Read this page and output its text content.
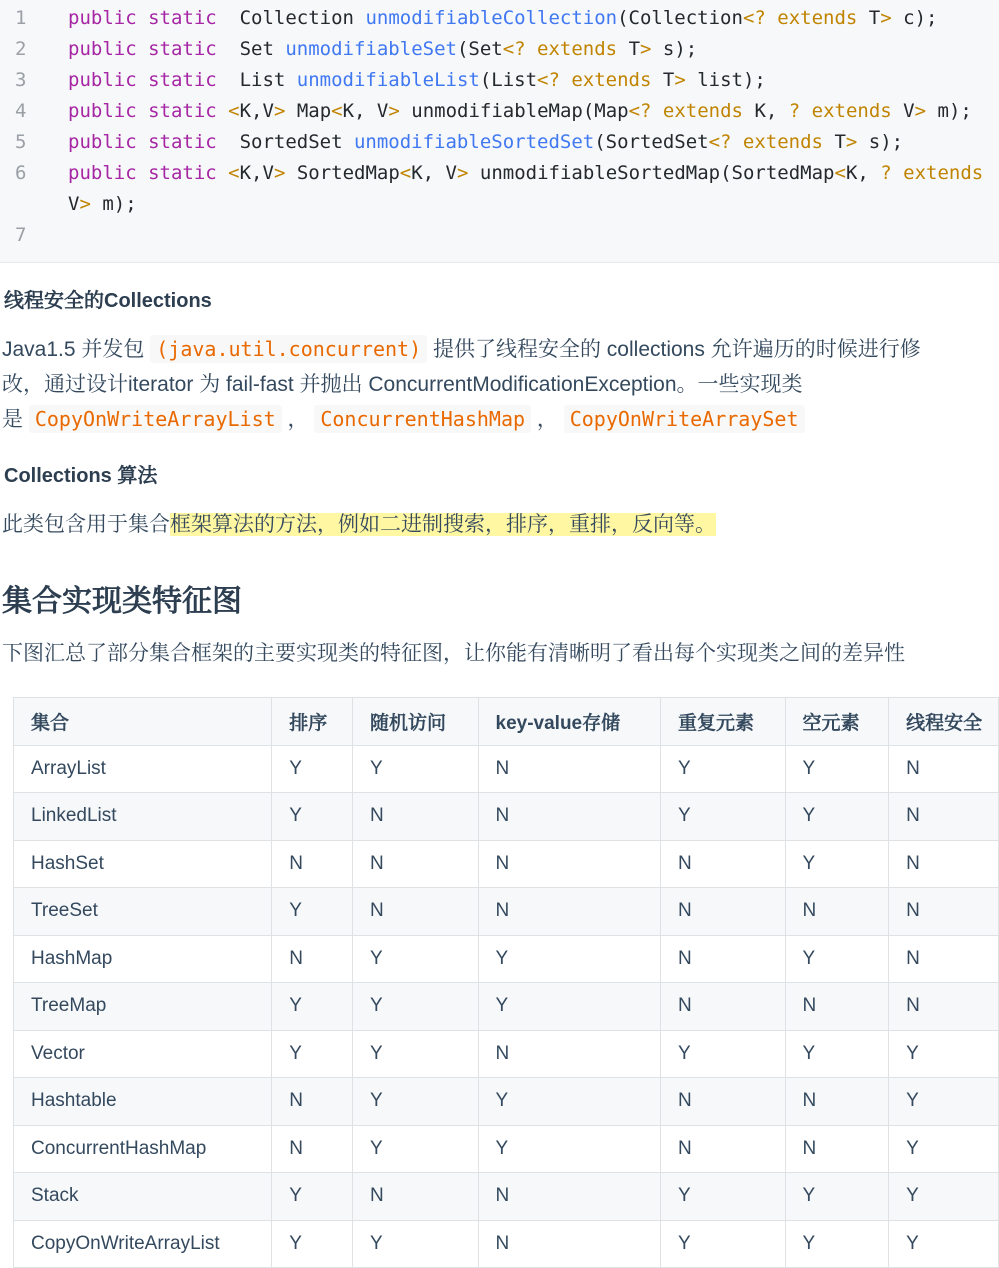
1	public static  Collection unmodifiableCollection(Collection<? extends T> c);
2	public static  Set unmodifiableSet(Set<? extends T> s);
3	public static  List unmodifiableList(List<? extends T> list);
4	public static <K,V> Map<K, V> unmodifiableMap(Map<? extends K, ? extends V> m);
5	public static  SortedSet unmodifiableSortedSet(SortedSet<? extends T> s);
6	public static <K,V> SortedMap<K, V> unmodifiableSortedMap(SortedMap<K, ? extends
V> m);
7
线程安全的Collections
Java1.5 并发包 (java.util.concurrent) 提供了线程安全的 collections 允许遍历的时候进行修
改，通过设计iterator 为 fail-fast 并抛出 ConcurrentModificationException。一些实现类
是 CopyOnWriteArrayList ， ConcurrentHashMap ， CopyOnWriteArraySet
Collections 算法
此类包含用于集合框架算法的方法，例如二进制搜索，排序，重排，反向等。
集合实现类特征图
下图汇总了部分集合框架的主要实现类的特征图，让你能有清晰明了看出每个实现类之间的差异性
集合	排序	随机访问	key-value存储	重复元素	空元素	线程安全
ArrayList	Y	Y	N	Y	Y	N
LinkedList	Y	N	N	Y	Y	N
HashSet	N	N	N	N	Y	N
TreeSet	Y	N	N	N	N	N
HashMap	N	Y	Y	N	Y	N
TreeMap	Y	Y	Y	N	N	N
Vector	Y	Y	N	Y	Y	Y
Hashtable	N	Y	Y	N	N	Y
ConcurrentHashMap	N	Y	Y	N	N	Y
Stack	Y	N	N	Y	Y	Y
CopyOnWriteArrayList	Y	Y	N	Y	Y	Y
